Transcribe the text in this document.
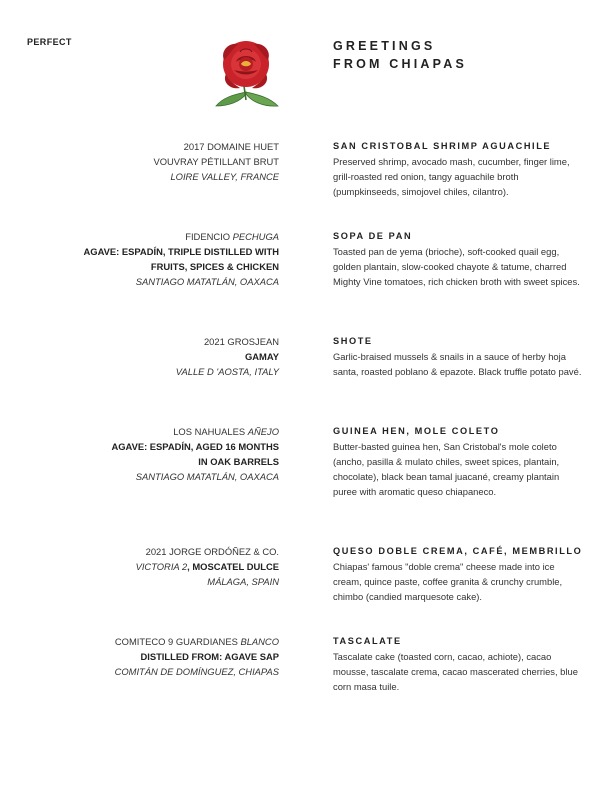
PERFECT	GREETINGS
FROM CHIAPAS
2017 DOMAINE HUET
VOUVRAY PÉTILLANT BRUT
LOIRE VALLEY, FRANCE
SAN CRISTOBAL SHRIMP AGUACHILE
Preserved shrimp, avocado mash, cucumber, finger lime, grill-roasted red onion, tangy aguachile broth (pumpkinseeds, simojovel chiles, cilantro).
FIDENCIO PECHUGA
AGAVE: ESPADÍN, TRIPLE DISTILLED WITH
FRUITS, SPICES & CHICKEN
SANTIAGO MATATLÁN, OAXACA
SOPA DE PAN
Toasted pan de yema (brioche), soft-cooked quail egg, golden plantain, slow-cooked chayote & tatume, charred Mighty Vine tomatoes, rich chicken broth with sweet spices.
2021 GROSJEAN
GAMAY
VALLE D 'AOSTA, ITALY
SHOTE
Garlic-braised mussels & snails in a sauce of herby hoja santa, roasted poblano & epazote. Black truffle potato pavé.
LOS NAHUALES AÑEJO
AGAVE: ESPADÍN, AGED 16 MONTHS
IN OAK BARRELS
SANTIAGO MATATLÁN, OAXACA
GUINEA HEN, MOLE COLETO
Butter-basted guinea hen, San Cristobal's mole coleto (ancho, pasilla & mulato chiles, sweet spices, plantain, chocolate), black bean tamal juacané, creamy plantain puree with aromatic queso chiapaneco.
2021 JORGE ORDÓÑEZ & CO.
VICTORIA 2, MOSCATEL DULCE
MÁLAGA, SPAIN
QUESO DOBLE CREMA, CAFÉ, MEMBRILLO
Chiapas' famous "doble crema" cheese made into ice cream, quince paste, coffee granita & crunchy crumble, chimbo (candied marquesote cake).
COMITECO 9 GUARDIANES BLANCO
DISTILLED FROM: AGAVE SAP
COMITÁN DE DOMÍNGUEZ, CHIAPAS
TASCALATE
Tascalate cake (toasted corn, cacao, achiote), cacao mousse, tascalate crema, cacao mascerated cherries, blue corn masa tuile.
